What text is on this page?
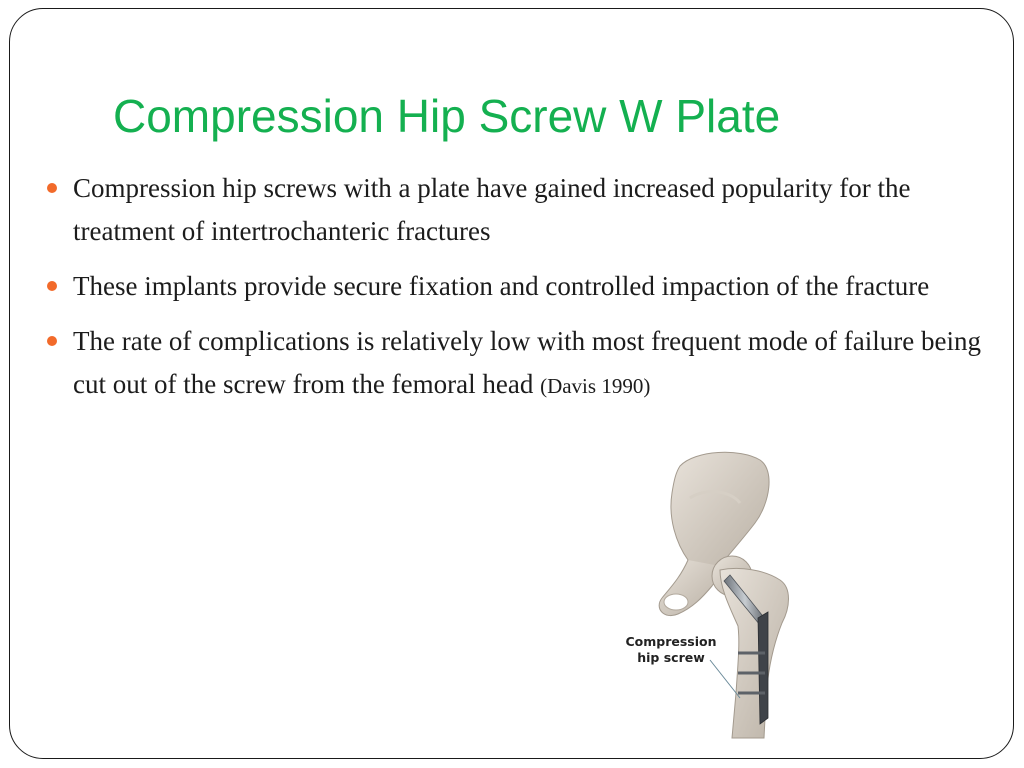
Compression Hip Screw W Plate
Compression hip screws with a plate have gained increased popularity for the treatment of intertrochanteric fractures
These implants provide secure fixation and controlled impaction of the fracture
The rate of complications is relatively low with most frequent mode of failure being cut out of the screw from the femoral head (Davis 1990)
Compression
hip screw
